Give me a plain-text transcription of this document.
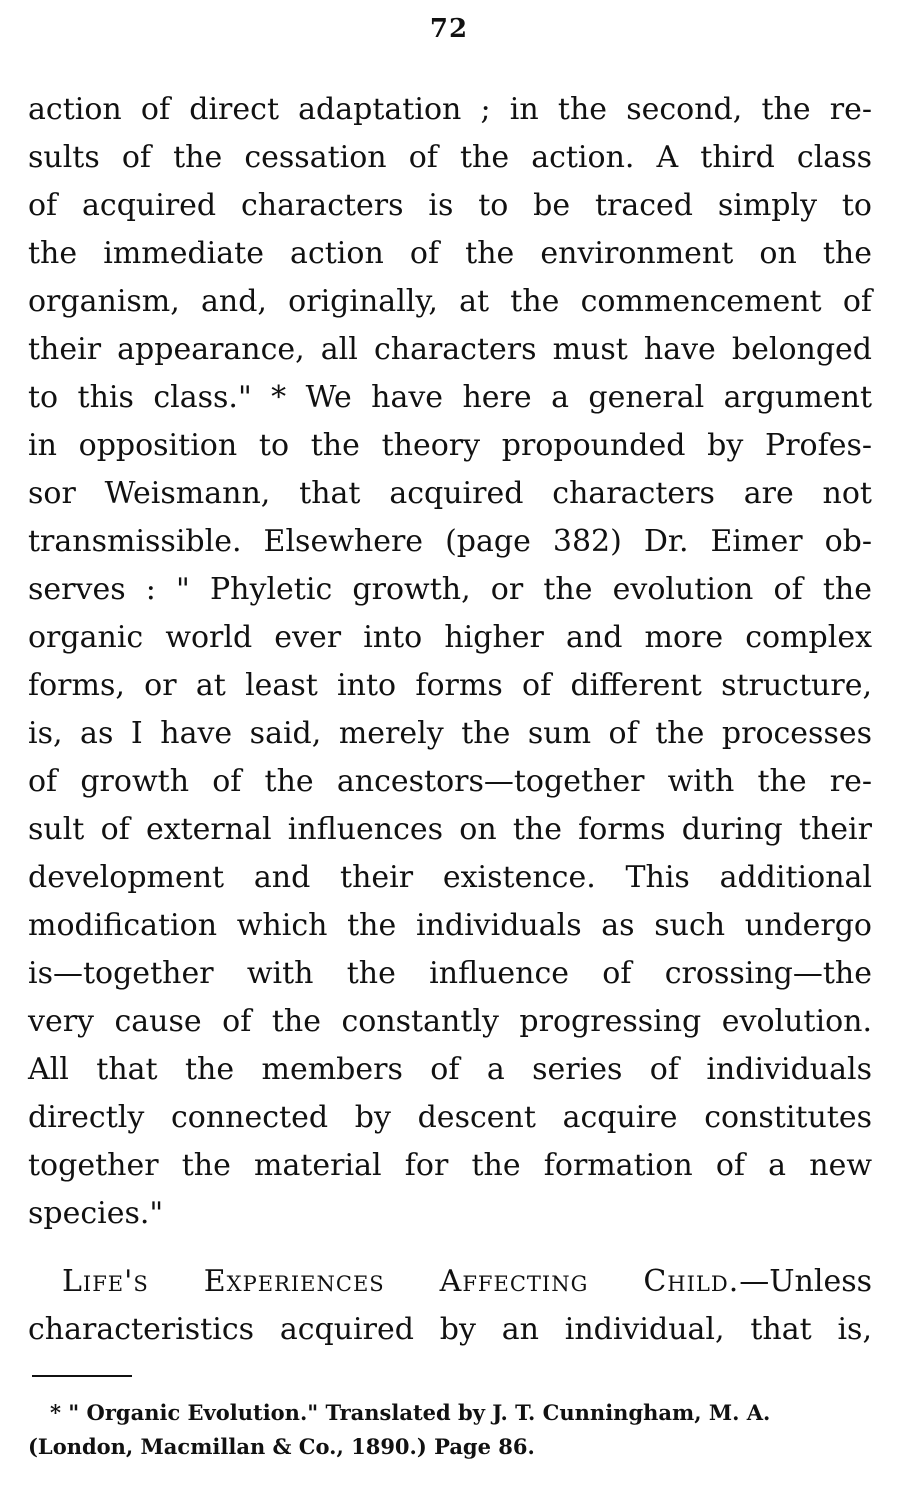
72
action of direct adaptation ; in the second, the re-
sults of the cessation of the action. A third class
of acquired characters is to be traced simply to
the immediate action of the environment on the
organism, and, originally, at the commencement of
their appearance, all characters must have belonged
to this class." * We have here a general argument
in opposition to the theory propounded by Profes-
sor Weismann, that acquired characters are not
transmissible. Elsewhere (page 382) Dr. Eimer ob-
serves : " Phyletic growth, or the evolution of the
organic world ever into higher and more complex
forms, or at least into forms of different structure,
is, as I have said, merely the sum of the processes
of growth of the ancestors—together with the re-
sult of external influences on the forms during their
development and their existence. This additional
modification which the individuals as such undergo
is—together with the influence of crossing—the
very cause of the constantly progressing evolution.
All that the members of a series of individuals
directly connected by descent acquire constitutes
together the material for the formation of a new
species."
Life's Experiences Affecting Child.—Unless
characteristics acquired by an individual, that is,
* " Organic Evolution." Translated by J. T. Cunningham, M. A.
(London, Macmillan & Co., 1890.) Page 86.
